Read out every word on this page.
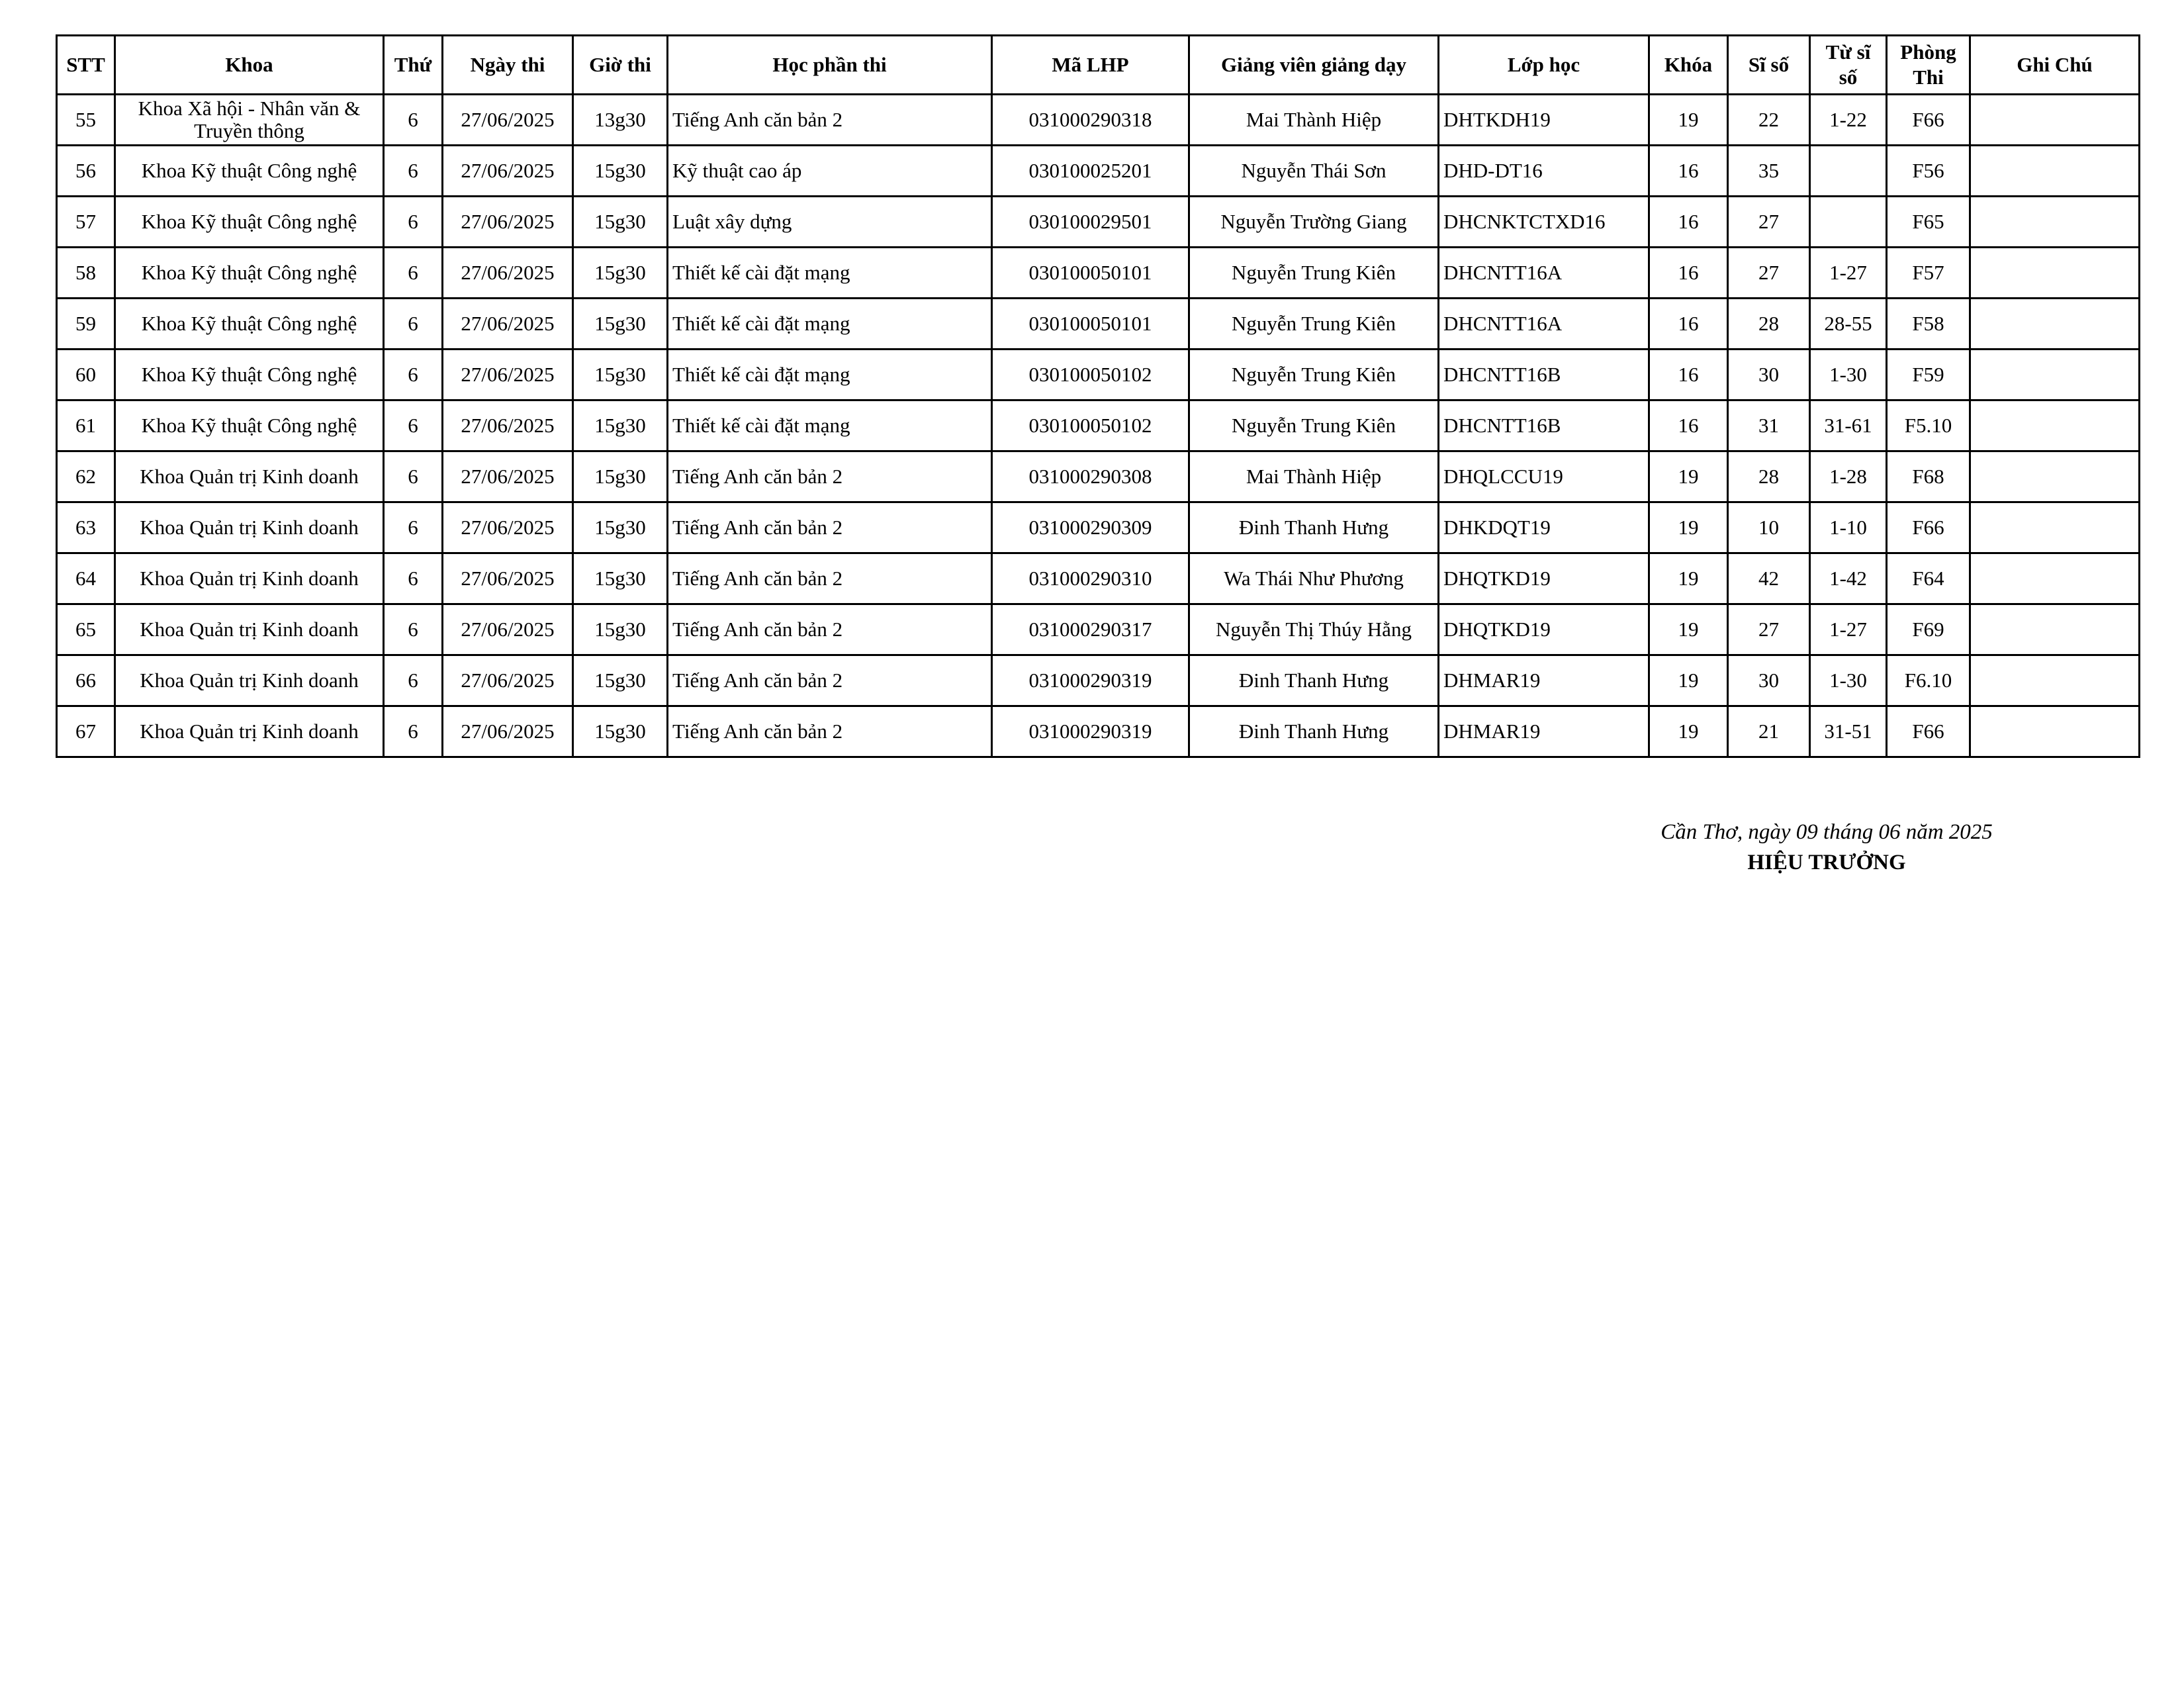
STT	Khoa	Thứ	Ngày thi	Giờ thi	Học phần thi	Mã LHP	Giảng viên giảng dạy	Lớp học	Khóa	Sĩ số	Từ sĩ số	Phòng Thi	Ghi Chú
55	Khoa Xã hội - Nhân văn & Truyền thông	6	27/06/2025	13g30	Tiếng Anh căn bản 2	031000290318	Mai Thành Hiệp	DHTKDH19	19	22	1-22	F66	
56	Khoa Kỹ thuật Công nghệ	6	27/06/2025	15g30	Kỹ thuật cao áp	030100025201	Nguyễn Thái Sơn	DHD-DT16	16	35		F56	
57	Khoa Kỹ thuật Công nghệ	6	27/06/2025	15g30	Luật xây dựng	030100029501	Nguyễn Trường Giang	DHCNKTCTXD16	16	27		F65	
58	Khoa Kỹ thuật Công nghệ	6	27/06/2025	15g30	Thiết kế cài đặt mạng	030100050101	Nguyễn Trung Kiên	DHCNTT16A	16	27	1-27	F57	
59	Khoa Kỹ thuật Công nghệ	6	27/06/2025	15g30	Thiết kế cài đặt mạng	030100050101	Nguyễn Trung Kiên	DHCNTT16A	16	28	28-55	F58	
60	Khoa Kỹ thuật Công nghệ	6	27/06/2025	15g30	Thiết kế cài đặt mạng	030100050102	Nguyễn Trung Kiên	DHCNTT16B	16	30	1-30	F59	
61	Khoa Kỹ thuật Công nghệ	6	27/06/2025	15g30	Thiết kế cài đặt mạng	030100050102	Nguyễn Trung Kiên	DHCNTT16B	16	31	31-61	F5.10	
62	Khoa Quản trị Kinh doanh	6	27/06/2025	15g30	Tiếng Anh căn bản 2	031000290308	Mai Thành Hiệp	DHQLCCU19	19	28	1-28	F68	
63	Khoa Quản trị Kinh doanh	6	27/06/2025	15g30	Tiếng Anh căn bản 2	031000290309	Đinh Thanh Hưng	DHKDQT19	19	10	1-10	F66	
64	Khoa Quản trị Kinh doanh	6	27/06/2025	15g30	Tiếng Anh căn bản 2	031000290310	Wa Thái Như Phương	DHQTKD19	19	42	1-42	F64	
65	Khoa Quản trị Kinh doanh	6	27/06/2025	15g30	Tiếng Anh căn bản 2	031000290317	Nguyễn Thị Thúy Hằng	DHQTKD19	19	27	1-27	F69	
66	Khoa Quản trị Kinh doanh	6	27/06/2025	15g30	Tiếng Anh căn bản 2	031000290319	Đinh Thanh Hưng	DHMAR19	19	30	1-30	F6.10	
67	Khoa Quản trị Kinh doanh	6	27/06/2025	15g30	Tiếng Anh căn bản 2	031000290319	Đinh Thanh Hưng	DHMAR19	19	21	31-51	F66	
Cần Thơ, ngày 09 tháng 06 năm 2025
HIỆU TRƯỞNG
